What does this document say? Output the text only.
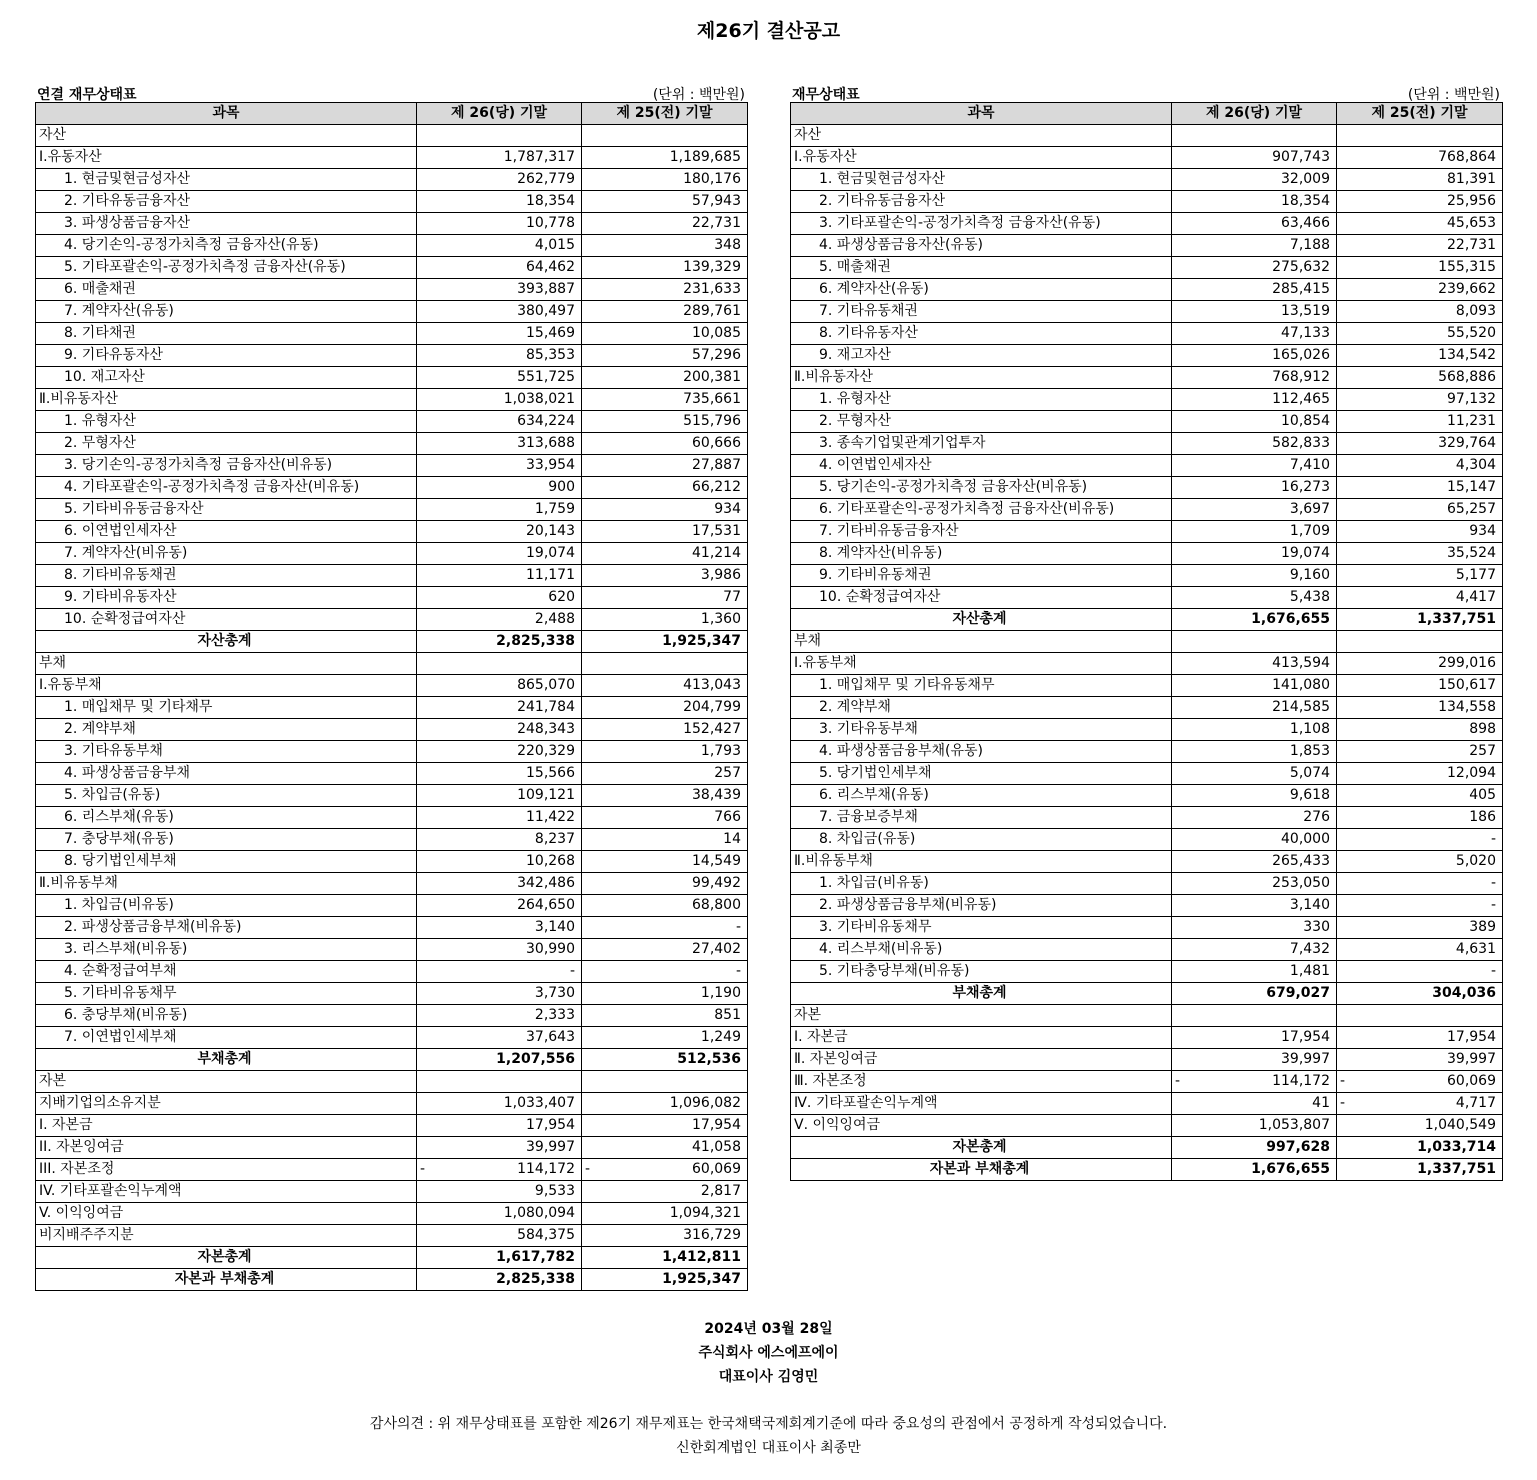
제26기 결산공고
연결 재무상태표	(단위 : 백만원)
과목	제 26(당) 기말	제 25(전) 기말
자산		
Ⅰ.유동자산	1,787,317	1,189,685
1. 현금및현금성자산	262,779	180,176
2. 기타유동금융자산	18,354	57,943
3. 파생상품금융자산	10,778	22,731
4. 당기손익-공정가치측정 금융자산(유동)	4,015	348
5. 기타포괄손익-공정가치측정 금융자산(유동)	64,462	139,329
6. 매출채권	393,887	231,633
7. 계약자산(유동)	380,497	289,761
8. 기타채권	15,469	10,085
9. 기타유동자산	85,353	57,296
10. 재고자산	551,725	200,381
Ⅱ.비유동자산	1,038,021	735,661
1. 유형자산	634,224	515,796
2. 무형자산	313,688	60,666
3. 당기손익-공정가치측정 금융자산(비유동)	33,954	27,887
4. 기타포괄손익-공정가치측정 금융자산(비유동)	900	66,212
5. 기타비유동금융자산	1,759	934
6. 이연법인세자산	20,143	17,531
7. 계약자산(비유동)	19,074	41,214
8. 기타비유동채권	11,171	3,986
9. 기타비유동자산	620	77
10. 순확정급여자산	2,488	1,360
자산총계	2,825,338	1,925,347
부채		
Ⅰ.유동부채	865,070	413,043
1. 매입채무 및 기타채무	241,784	204,799
2. 계약부채	248,343	152,427
3. 기타유동부채	220,329	1,793
4. 파생상품금융부채	15,566	257
5. 차입금(유동)	109,121	38,439
6. 리스부채(유동)	11,422	766
7. 충당부채(유동)	8,237	14
8. 당기법인세부채	10,268	14,549
Ⅱ.비유동부채	342,486	99,492
1. 차입금(비유동)	264,650	68,800
2. 파생상품금융부채(비유동)	3,140	-
3. 리스부채(비유동)	30,990	27,402
4. 순확정급여부채	-	-
5. 기타비유동채무	3,730	1,190
6. 충당부채(비유동)	2,333	851
7. 이연법인세부채	37,643	1,249
부채총계	1,207,556	512,536
자본		
지배기업의소유지분	1,033,407	1,096,082
I. 자본금	17,954	17,954
II. 자본잉여금	39,997	41,058
III. 자본조정	- 114,172	- 60,069
IV. 기타포괄손익누계액	9,533	2,817
V. 이익잉여금	1,080,094	1,094,321
비지배주주지분	584,375	316,729
자본총계	1,617,782	1,412,811
자본과 부채총계	2,825,338	1,925,347
재무상태표	(단위 : 백만원)
과목	제 26(당) 기말	제 25(전) 기말
자산		
Ⅰ.유동자산	907,743	768,864
1. 현금및현금성자산	32,009	81,391
2. 기타유동금융자산	18,354	25,956
3. 기타포괄손익-공정가치측정 금융자산(유동)	63,466	45,653
4. 파생상품금융자산(유동)	7,188	22,731
5. 매출채권	275,632	155,315
6. 계약자산(유동)	285,415	239,662
7. 기타유동채권	13,519	8,093
8. 기타유동자산	47,133	55,520
9. 재고자산	165,026	134,542
Ⅱ.비유동자산	768,912	568,886
1. 유형자산	112,465	97,132
2. 무형자산	10,854	11,231
3. 종속기업및관계기업투자	582,833	329,764
4. 이연법인세자산	7,410	4,304
5. 당기손익-공정가치측정 금융자산(비유동)	16,273	15,147
6. 기타포괄손익-공정가치측정 금융자산(비유동)	3,697	65,257
7. 기타비유동금융자산	1,709	934
8. 계약자산(비유동)	19,074	35,524
9. 기타비유동채권	9,160	5,177
10. 순확정급여자산	5,438	4,417
자산총계	1,676,655	1,337,751
부채		
Ⅰ.유동부채	413,594	299,016
1. 매입채무 및 기타유동채무	141,080	150,617
2. 계약부채	214,585	134,558
3. 기타유동부채	1,108	898
4. 파생상품금융부채(유동)	1,853	257
5. 당기법인세부채	5,074	12,094
6. 리스부채(유동)	9,618	405
7. 금융보증부채	276	186
8. 차입금(유동)	40,000	-
Ⅱ.비유동부채	265,433	5,020
1. 차입금(비유동)	253,050	-
2. 파생상품금융부채(비유동)	3,140	-
3. 기타비유동채무	330	389
4. 리스부채(비유동)	7,432	4,631
5. 기타충당부채(비유동)	1,481	-
부채총계	679,027	304,036
자본		
Ⅰ. 자본금	17,954	17,954
Ⅱ. 자본잉여금	39,997	39,997
Ⅲ. 자본조정	- 114,172	- 60,069
Ⅳ. 기타포괄손익누계액	41	- 4,717
Ⅴ. 이익잉여금	1,053,807	1,040,549
자본총계	997,628	1,033,714
자본과 부채총계	1,676,655	1,337,751
2024년 03월 28일
주식회사 에스에프에이
대표이사 김영민
감사의견 : 위 재무상태표를 포함한 제26기 재무제표는 한국채택국제회계기준에 따라 중요성의 관점에서 공정하게 작성되었습니다.
신한회계법인 대표이사 최종만
